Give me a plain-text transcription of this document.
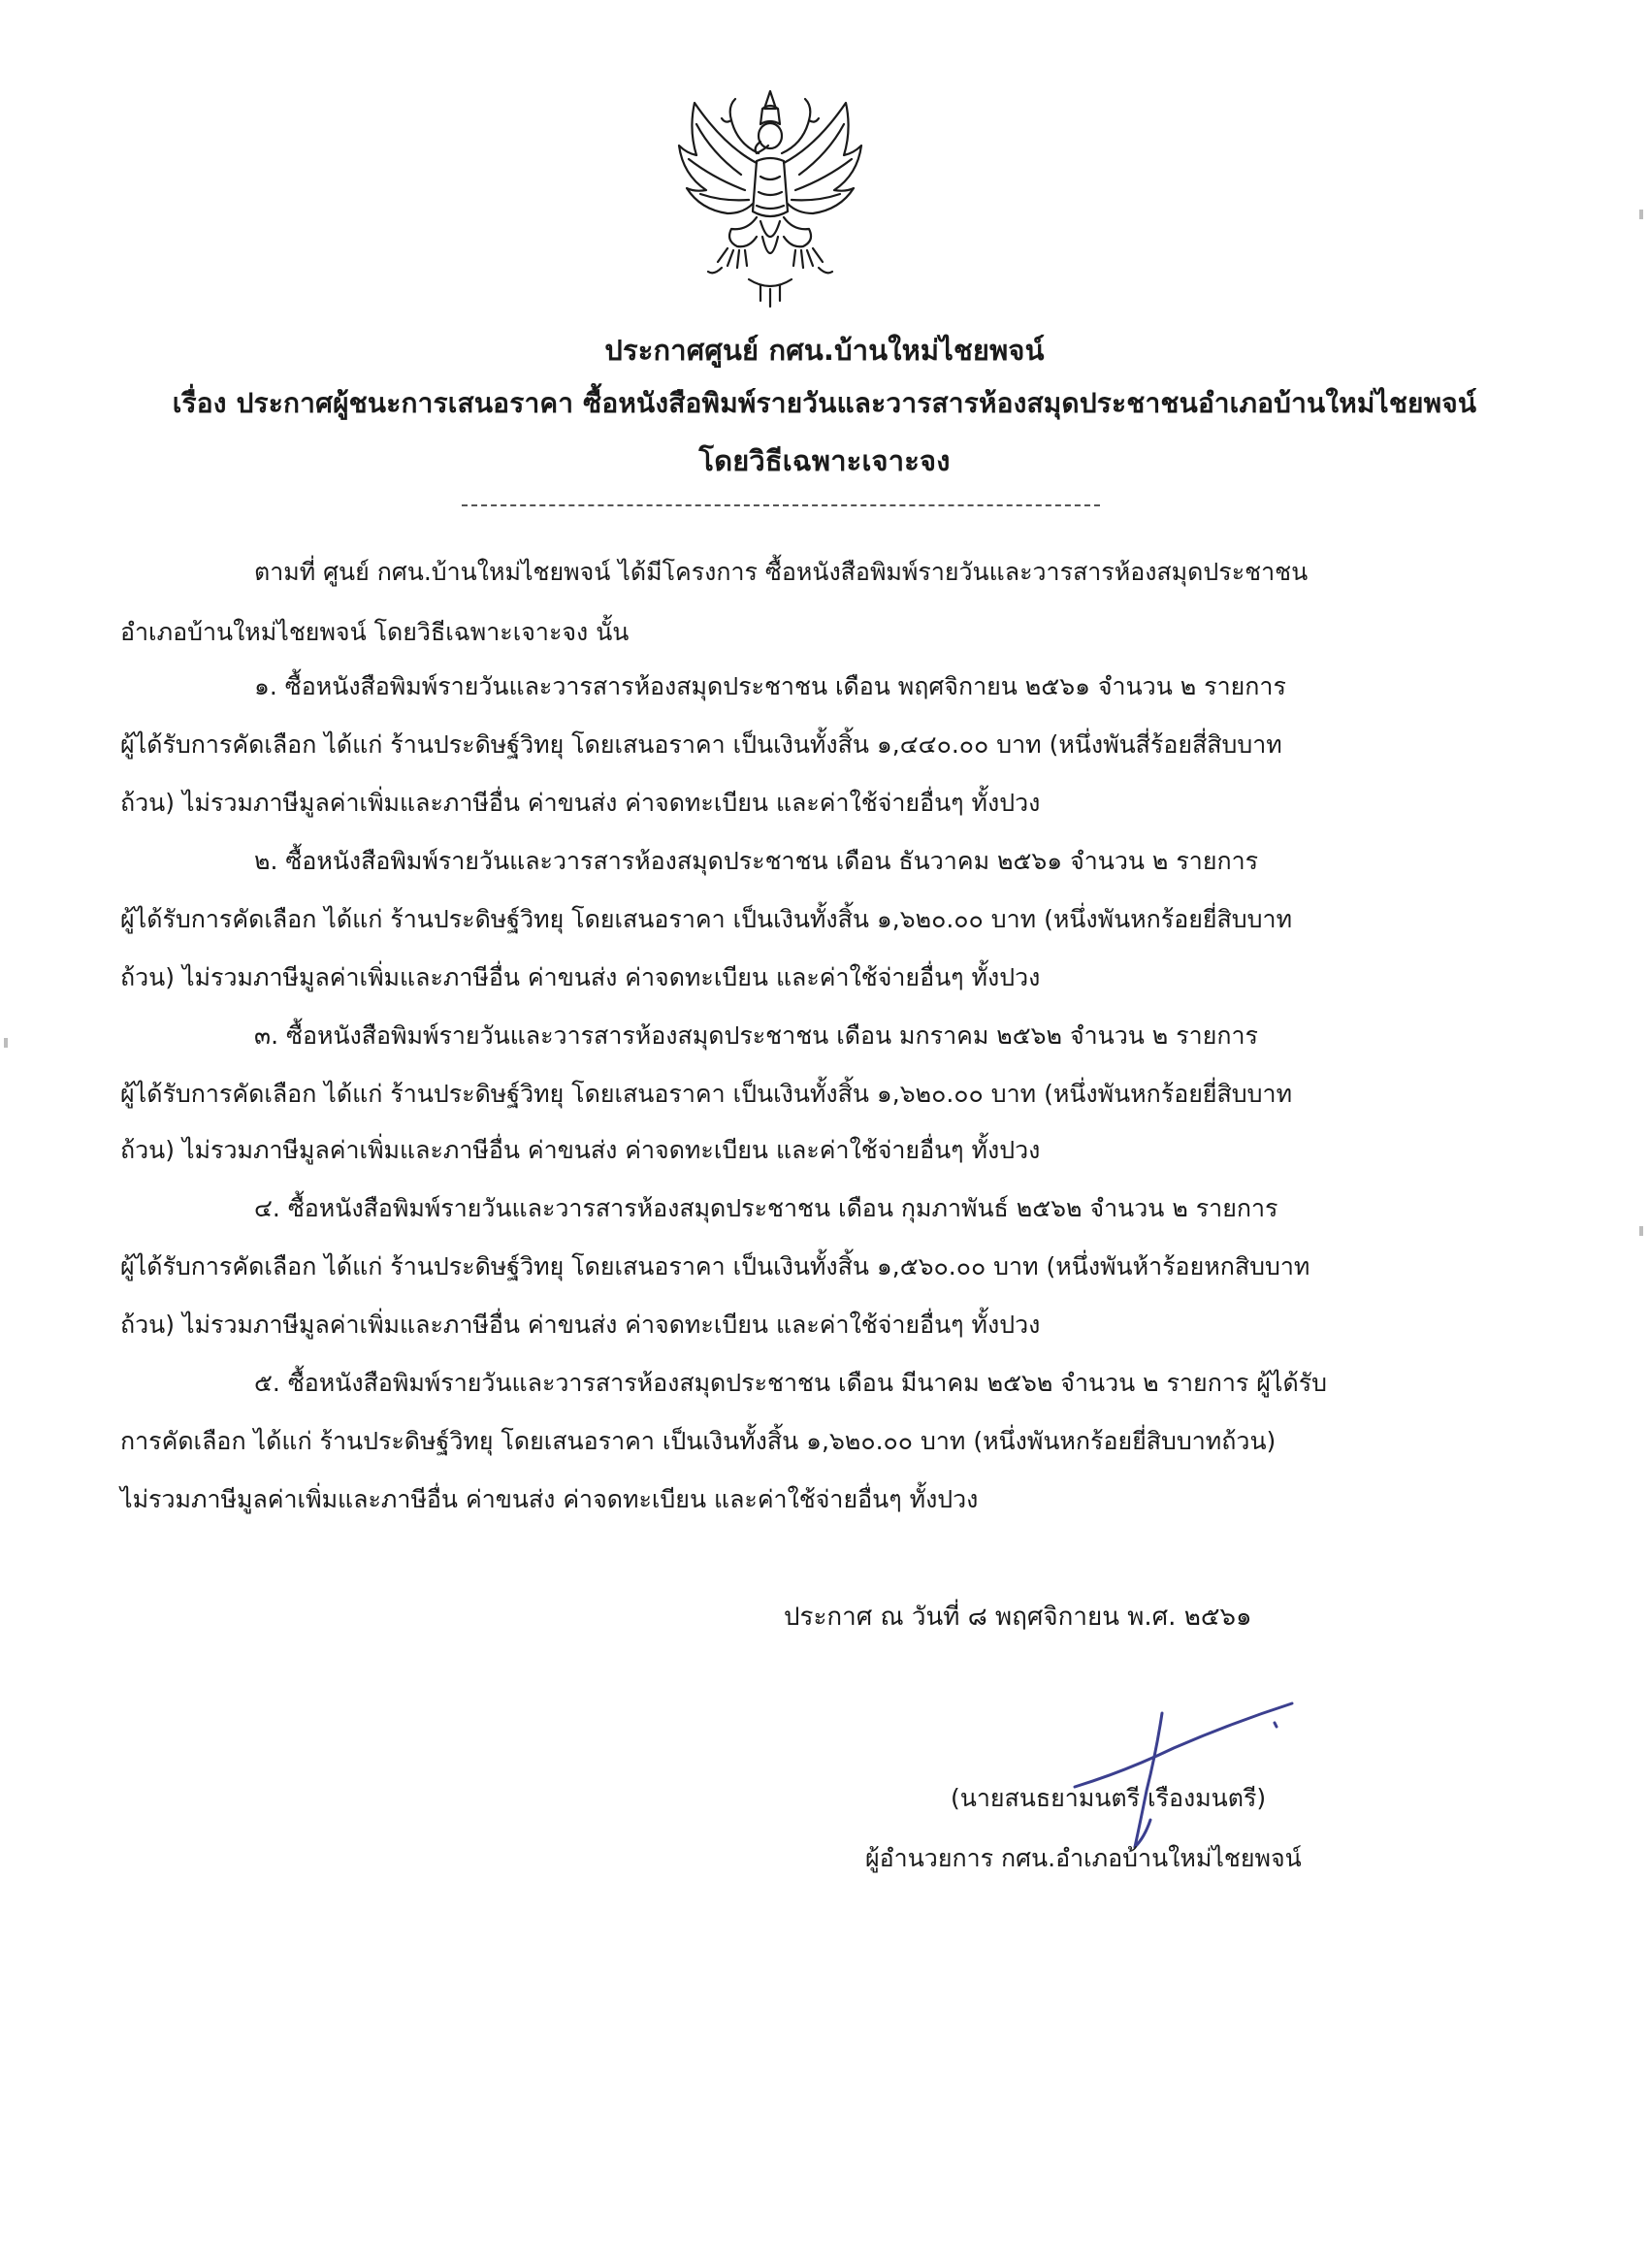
ประกาศศูนย์ กศน.บ้านใหม่ไชยพจน์
เรื่อง ประกาศผู้ชนะการเสนอราคา ซื้อหนังสือพิมพ์รายวันและวารสารห้องสมุดประชาชนอำเภอบ้านใหม่ไชยพจน์
โดยวิธีเฉพาะเจาะจง
ตามที่ ศูนย์ กศน.บ้านใหม่ไชยพจน์ ได้มีโครงการ ซื้อหนังสือพิมพ์รายวันและวารสารห้องสมุดประชาชน
อำเภอบ้านใหม่ไชยพจน์ โดยวิธีเฉพาะเจาะจง นั้น
๑. ซื้อหนังสือพิมพ์รายวันและวารสารห้องสมุดประชาชน เดือน พฤศจิกายน ๒๕๖๑ จำนวน ๒ รายการ
ผู้ได้รับการคัดเลือก ได้แก่ ร้านประดิษฐ์วิทยุ โดยเสนอราคา เป็นเงินทั้งสิ้น ๑,๔๔๐.๐๐ บาท (หนึ่งพันสี่ร้อยสี่สิบบาท
ถ้วน) ไม่รวมภาษีมูลค่าเพิ่มและภาษีอื่น ค่าขนส่ง ค่าจดทะเบียน และค่าใช้จ่ายอื่นๆ ทั้งปวง
๒. ซื้อหนังสือพิมพ์รายวันและวารสารห้องสมุดประชาชน เดือน ธันวาคม ๒๕๖๑ จำนวน ๒ รายการ
ผู้ได้รับการคัดเลือก ได้แก่ ร้านประดิษฐ์วิทยุ โดยเสนอราคา เป็นเงินทั้งสิ้น ๑,๖๒๐.๐๐ บาท (หนึ่งพันหกร้อยยี่สิบบาท
ถ้วน) ไม่รวมภาษีมูลค่าเพิ่มและภาษีอื่น ค่าขนส่ง ค่าจดทะเบียน และค่าใช้จ่ายอื่นๆ ทั้งปวง
๓. ซื้อหนังสือพิมพ์รายวันและวารสารห้องสมุดประชาชน เดือน มกราคม ๒๕๖๒ จำนวน ๒ รายการ
ผู้ได้รับการคัดเลือก ได้แก่ ร้านประดิษฐ์วิทยุ โดยเสนอราคา เป็นเงินทั้งสิ้น ๑,๖๒๐.๐๐ บาท (หนึ่งพันหกร้อยยี่สิบบาท
ถ้วน) ไม่รวมภาษีมูลค่าเพิ่มและภาษีอื่น ค่าขนส่ง ค่าจดทะเบียน และค่าใช้จ่ายอื่นๆ ทั้งปวง
๔. ซื้อหนังสือพิมพ์รายวันและวารสารห้องสมุดประชาชน เดือน กุมภาพันธ์ ๒๕๖๒ จำนวน ๒ รายการ
ผู้ได้รับการคัดเลือก ได้แก่ ร้านประดิษฐ์วิทยุ โดยเสนอราคา เป็นเงินทั้งสิ้น ๑,๕๖๐.๐๐ บาท (หนึ่งพันห้าร้อยหกสิบบาท
ถ้วน) ไม่รวมภาษีมูลค่าเพิ่มและภาษีอื่น ค่าขนส่ง ค่าจดทะเบียน และค่าใช้จ่ายอื่นๆ ทั้งปวง
๕. ซื้อหนังสือพิมพ์รายวันและวารสารห้องสมุดประชาชน เดือน มีนาคม ๒๕๖๒ จำนวน ๒ รายการ ผู้ได้รับ
การคัดเลือก ได้แก่ ร้านประดิษฐ์วิทยุ โดยเสนอราคา เป็นเงินทั้งสิ้น ๑,๖๒๐.๐๐ บาท (หนึ่งพันหกร้อยยี่สิบบาทถ้วน)
ไม่รวมภาษีมูลค่าเพิ่มและภาษีอื่น ค่าขนส่ง ค่าจดทะเบียน และค่าใช้จ่ายอื่นๆ ทั้งปวง
ประกาศ ณ วันที่ ๘ พฤศจิกายน พ.ศ. ๒๕๖๑
(นายสนธยามนตรี เรืองมนตรี)
ผู้อำนวยการ กศน.อำเภอบ้านใหม่ไชยพจน์
